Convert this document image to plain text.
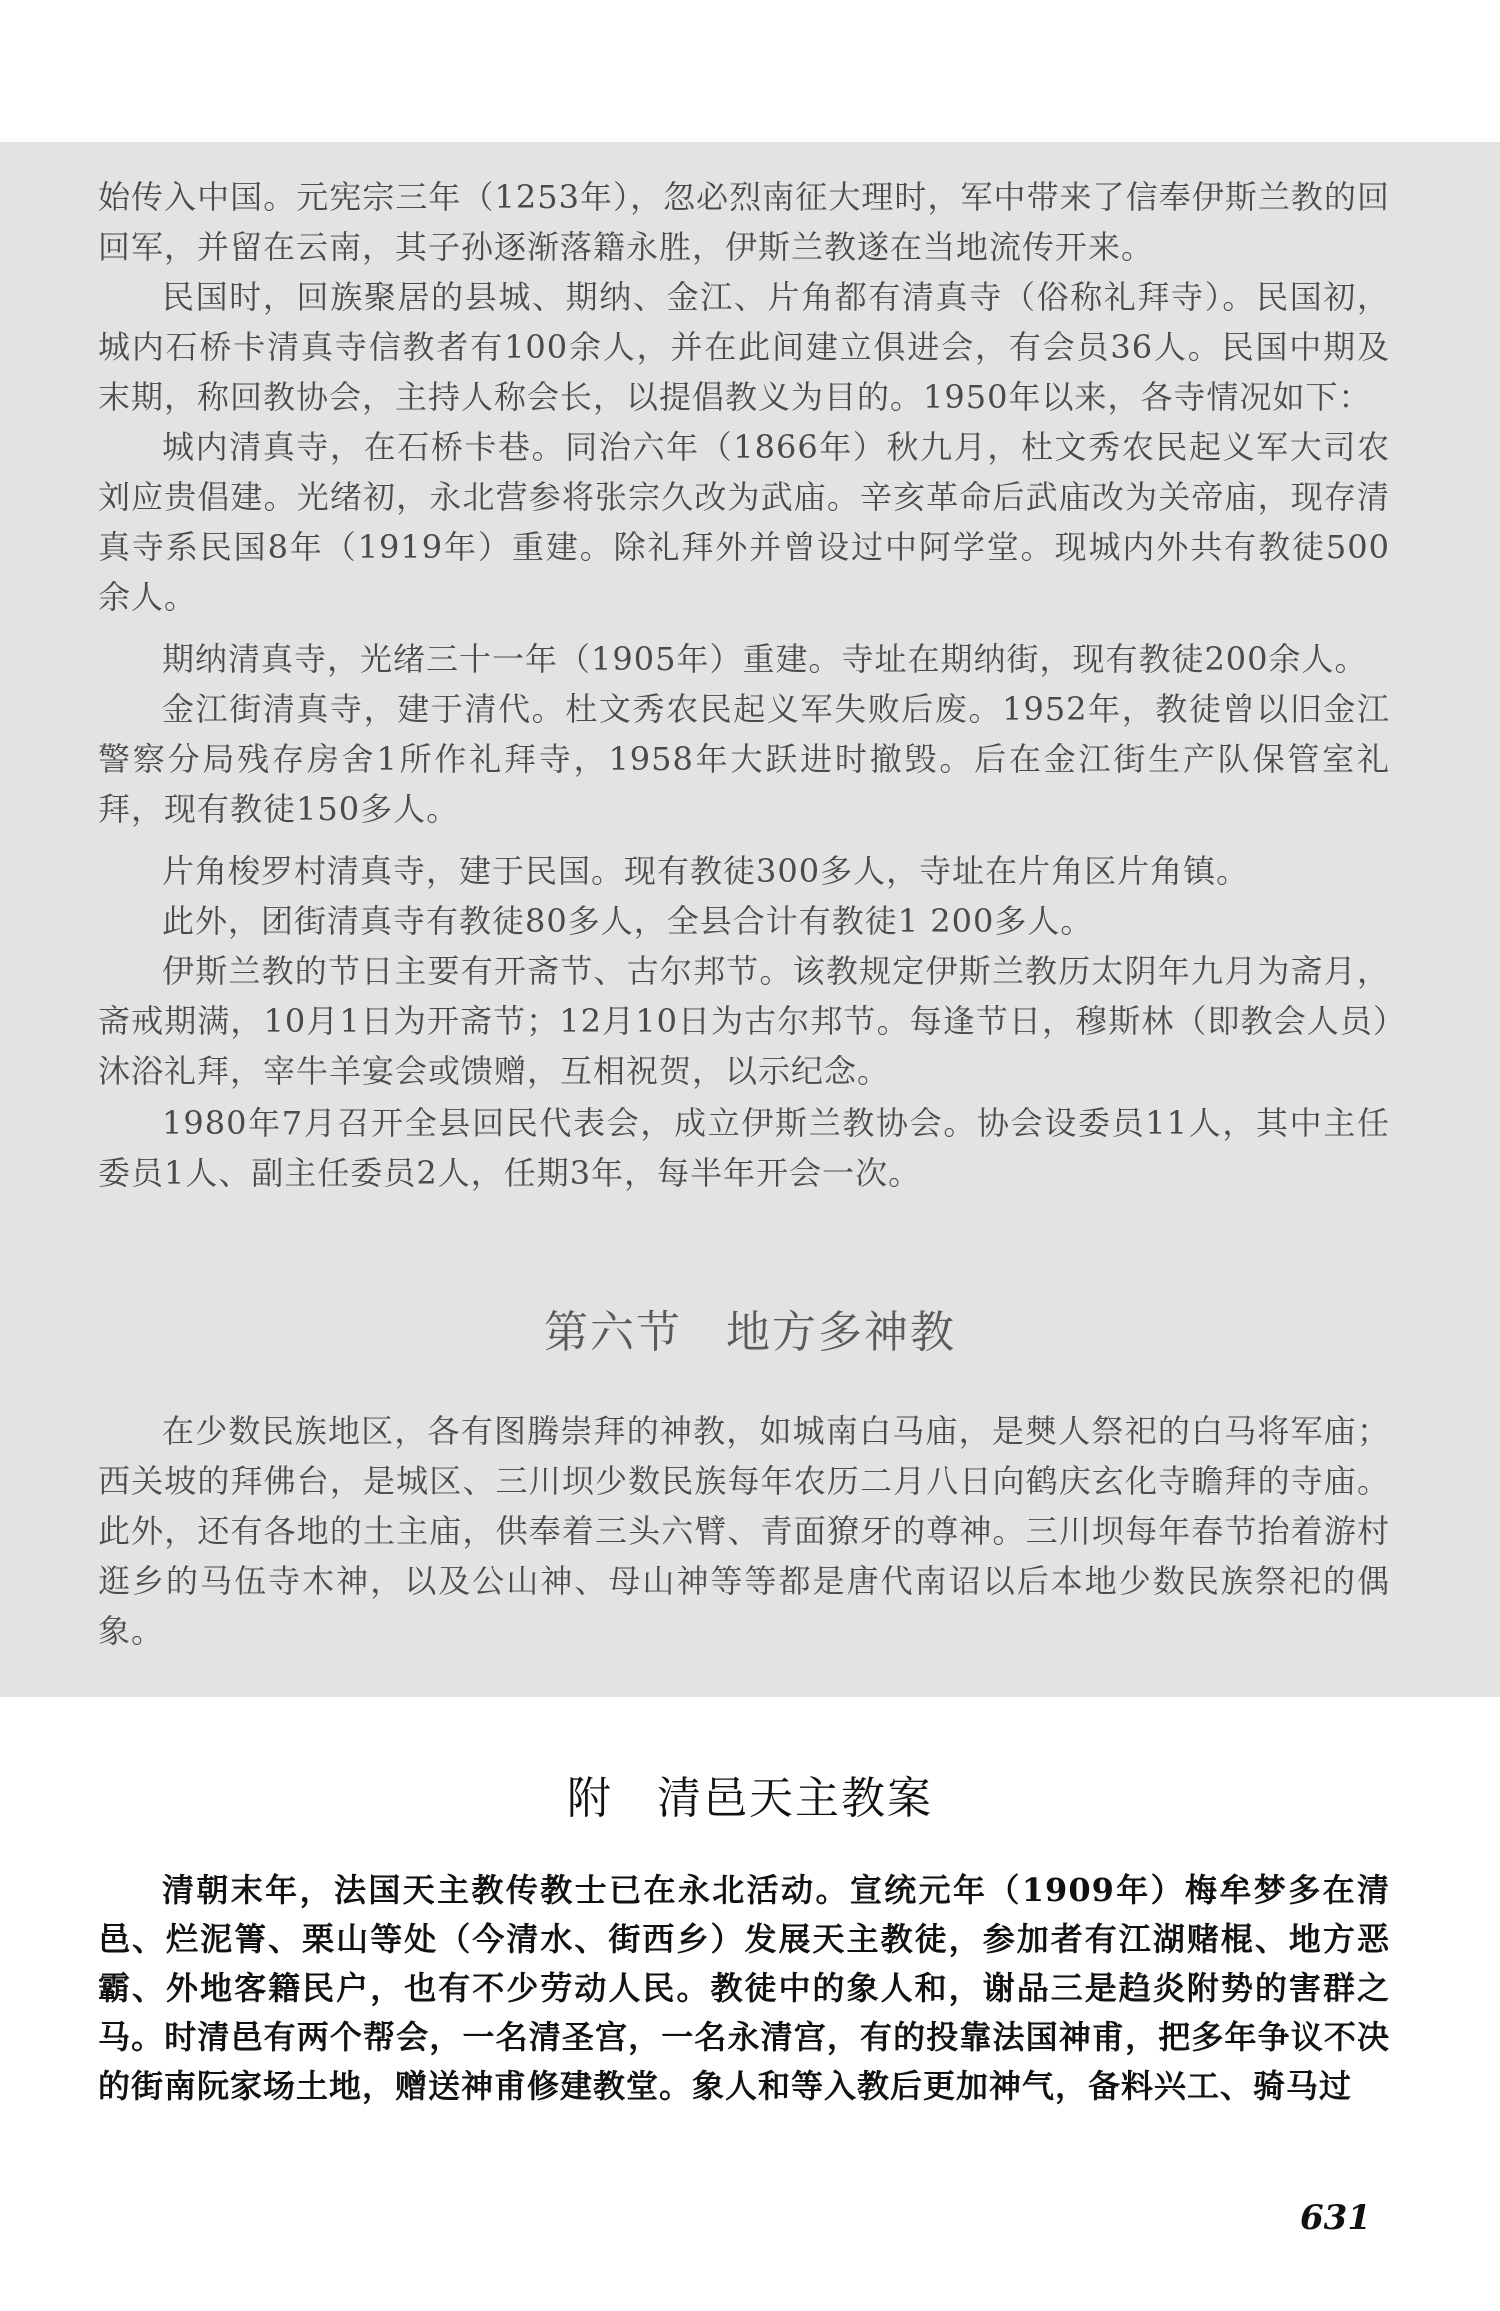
始传入中国。元宪宗三年（1253年），忽必烈南征大理时，军中带来了信奉伊斯兰教的回回军，并留在云南，其子孙逐渐落籍永胜，伊斯兰教遂在当地流传开来。

民国时，回族聚居的县城、期纳、金江、片角都有清真寺（俗称礼拜寺）。民国初，城内石桥卡清真寺信教者有100余人，并在此间建立俱进会，有会员36人。民国中期及末期，称回教协会，主持人称会长，以提倡教义为目的。1950年以来，各寺情况如下：

城内清真寺，在石桥卡巷。同治六年（1866年）秋九月，杜文秀农民起义军大司农刘应贵倡建。光绪初，永北营参将张宗久改为武庙。辛亥革命后武庙改为关帝庙，现存清真寺系民国8年（1919年）重建。除礼拜外并曾设过中阿学堂。现城内外共有教徒500余人。

期纳清真寺，光绪三十一年（1905年）重建。寺址在期纳街，现有教徒200余人。

金江街清真寺，建于清代。杜文秀农民起义军失败后废。1952年，教徒曾以旧金江警察分局残存房舍1所作礼拜寺，1958年大跃进时撤毁。后在金江街生产队保管室礼拜，现有教徒150多人。

片角梭罗村清真寺，建于民国。现有教徒300多人，寺址在片角区片角镇。

此外，团街清真寺有教徒80多人，全县合计有教徒1 200多人。

伊斯兰教的节日主要有开斋节、古尔邦节。该教规定伊斯兰教历太阴年九月为斋月，斋戒期满，10月1日为开斋节；12月10日为古尔邦节。每逢节日，穆斯林（即教会人员）沐浴礼拜，宰牛羊宴会或馈赠，互相祝贺，以示纪念。

1980年7月召开全县回民代表会，成立伊斯兰教协会。协会设委员11人，其中主任委员1人、副主任委员2人，任期3年，每半年开会一次。

第六节 地方多神教

在少数民族地区，各有图腾崇拜的神教，如城南白马庙，是僰人祭祀的白马将军庙；西关坡的拜佛台，是城区、三川坝少数民族每年农历二月八日向鹤庆玄化寺瞻拜的寺庙。此外，还有各地的土主庙，供奉着三头六臂、青面獠牙的尊神。三川坝每年春节抬着游村逛乡的马伍寺木神，以及公山神、母山神等等都是唐代南诏以后本地少数民族祭祀的偶象。

附 清邑天主教案

清朝末年，法国天主教传教士已在永北活动。宣统元年（1909年）梅牟梦多在清邑、烂泥箐、栗山等处（今清水、街西乡）发展天主教徒，参加者有江湖赌棍、地方恶霸、外地客籍民户，也有不少劳动人民。教徒中的象人和，谢品三是趋炎附势的害群之马。时清邑有两个帮会，一名清圣宫，一名永清宫，有的投靠法国神甫，把多年争议不决的街南阮家场土地，赠送神甫修建教堂。象人和等入教后更加神气，备料兴工、骑马过

631
